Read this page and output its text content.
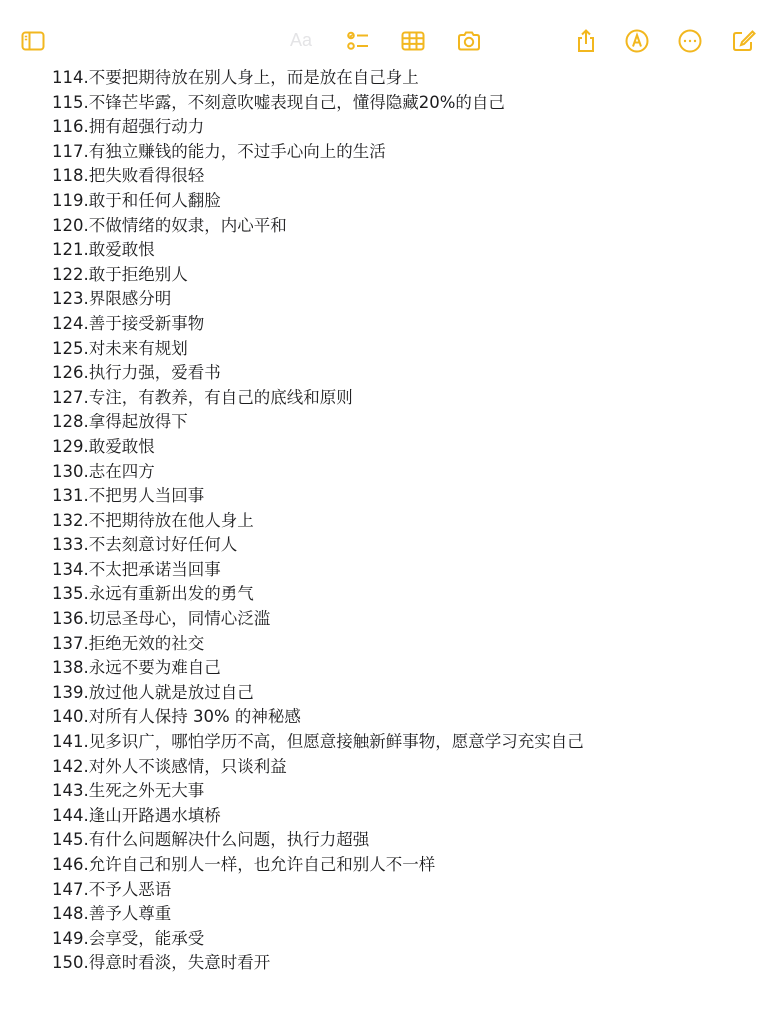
Aa
114.不要把期待放在别人身上，而是放在自己身上
115.不锋芒毕露，不刻意吹嘘表现自己，懂得隐藏20%的自己
116.拥有超强行动力
117.有独立赚钱的能力，不过手心向上的生活
118.把失败看得很轻
119.敢于和任何人翻脸
120.不做情绪的奴隶，内心平和
121.敢爱敢恨
122.敢于拒绝别人
123.界限感分明
124.善于接受新事物
125.对未来有规划
126.执行力强，爱看书
127.专注，有教养，有自己的底线和原则
128.拿得起放得下
129.敢爱敢恨
130.志在四方
131.不把男人当回事
132.不把期待放在他人身上
133.不去刻意讨好任何人
134.不太把承诺当回事
135.永远有重新出发的勇气
136.切忌圣母心，同情心泛滥
137.拒绝无效的社交
138.永远不要为难自己
139.放过他人就是放过自己
140.对所有人保持 30% 的神秘感
141.见多识广，哪怕学历不高，但愿意接触新鲜事物，愿意学习充实自己
142.对外人不谈感情，只谈利益
143.生死之外无大事
144.逢山开路遇水填桥
145.有什么问题解决什么问题，执行力超强
146.允许自己和别人一样，也允许自己和别人不一样
147.不予人恶语
148.善予人尊重
149.会享受，能承受
150.得意时看淡，失意时看开
